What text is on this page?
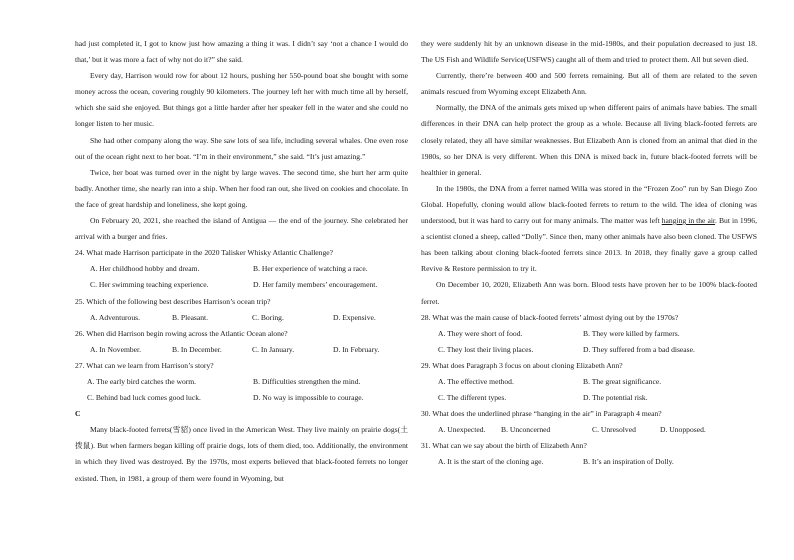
had just completed it, I got to know just how amazing a thing it was. I didn’t say ‘not a chance I would do that,’ but it was more a fact of why not do it?” she said.

Every day, Harrison would row for about 12 hours, pushing her 550-pound boat she bought with some money across the ocean, covering roughly 90 kilometers. The journey left her with much time all by herself, which she said she enjoyed. But things got a little harder after her speaker fell in the water and she could no longer listen to her music.

She had other company along the way. She saw lots of sea life, including several whales. One even rose out of the ocean right next to her boat. “I’m in their environment,” she said. “It’s just amazing.”

Twice, her boat was turned over in the night by large waves. The second time, she hurt her arm quite badly. Another time, she nearly ran into a ship. When her food ran out, she lived on cookies and chocolate. In the face of great hardship and loneliness, she kept going.

On February 20, 2021, she reached the island of Antigua — the end of the journey. She celebrated her arrival with a burger and fries.

24. What made Harrison participate in the 2020 Talisker Whisky Atlantic Challenge?

A. Her childhood hobby and dream.	B. Her experience of watching a race.
C. Her swimming teaching experience.	D. Her family members’ encouragement.

25. Which of the following best describes Harrison’s ocean trip?

A. Adventurous.	B. Pleasant.	C. Boring.	D. Expensive.

26. When did Harrison begin rowing across the Atlantic Ocean alone?

A. In November.	B. In December.	C. In January.	D. In February.

27. What can we learn from Harrison’s story?

A. The early bird catches the worm.	B. Difficulties strengthen the mind.
C. Behind bad luck comes good luck.	D. No way is impossible to courage.

C

Many black-footed ferrets(雪貂) once lived in the American West. They live mainly on prairie dogs(土拨鼠). But when farmers began killing off prairie dogs, lots of them died, too. Additionally, the environment in which they lived was destroyed. By the 1970s, most experts believed that black-footed ferrets no longer existed. Then, in 1981, a group of them were found in Wyoming, but

they were suddenly hit by an unknown disease in the mid-1980s, and their population decreased to just 18. The US Fish and Wildlife Service(USFWS) caught all of them and tried to protect them. All but seven died.

Currently, there’re between 400 and 500 ferrets remaining. But all of them are related to the seven animals rescued from Wyoming except Elizabeth Ann.

Normally, the DNA of the animals gets mixed up when different pairs of animals have babies. The small differences in their DNA can help protect the group as a whole. Because all living black-footed ferrets are closely related, they all have similar weaknesses. But Elizabeth Ann is cloned from an animal that died in the 1980s, so her DNA is very different. When this DNA is mixed back in, future black-footed ferrets will be healthier in general.

In the 1980s, the DNA from a ferret named Willa was stored in the “Frozen Zoo” run by San Diego Zoo Global. Hopefully, cloning would allow black-footed ferrets to return to the wild. The idea of cloning was understood, but it was hard to carry out for many animals. The matter was left hanging in the air. But in 1996, a scientist cloned a sheep, called “Dolly”. Since then, many other animals have also been cloned. The USFWS has been talking about cloning black-footed ferrets since 2013. In 2018, they finally gave a group called Revive & Restore permission to try it.

On December 10, 2020, Elizabeth Ann was born. Blood tests have proven her to be 100% black-footed ferret.

28. What was the main cause of black-footed ferrets’ almost dying out by the 1970s?

A. They were short of food.	B. They were killed by farmers.
C. They lost their living places.	D. They suffered from a bad disease.

29. What does Paragraph 3 focus on about cloning Elizabeth Ann?

A. The effective method.	B. The great significance.
C. The different types.	D. The potential risk.

30. What does the underlined phrase “hanging in the air” in Paragraph 4 mean?

A. Unexpected. B. Unconcerned	C. Unresolved	D. Unopposed.

31. What can we say about the birth of Elizabeth Ann?

A. It is the start of the cloning age.	B. It’s an inspiration of Dolly.
